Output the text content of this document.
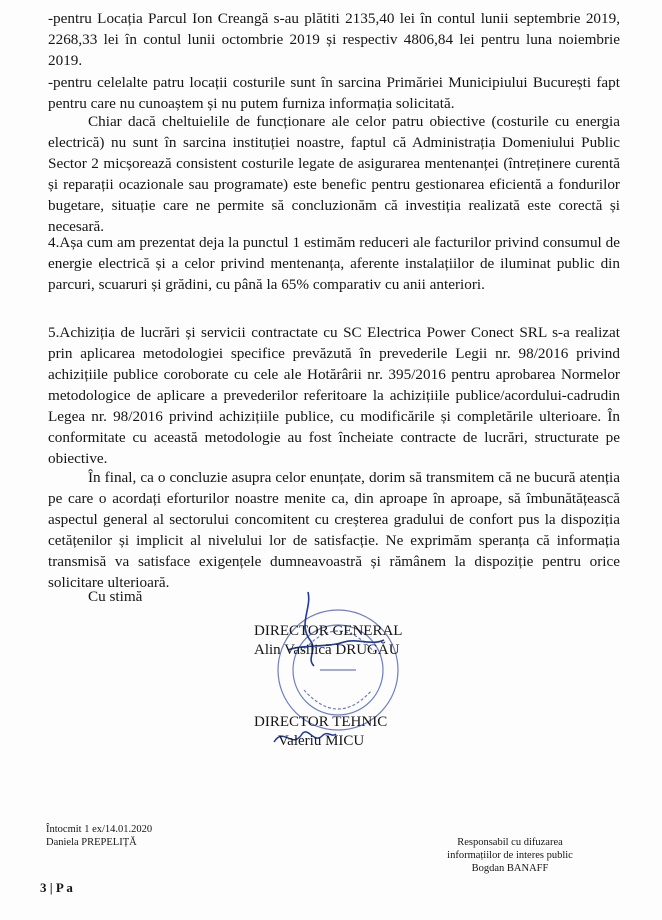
-pentru Locația Parcul Ion Creangă s-au plătiti 2135,40 lei în contul lunii septembrie 2019, 2268,33 lei în contul lunii octombrie 2019 și respectiv 4806,84 lei pentru luna noiembrie 2019.
-pentru celelalte patru locații costurile sunt în sarcina Primăriei Municipiului București fapt pentru care nu cunoaștem și nu putem furniza informația solicitată.
Chiar dacă cheltuielile de funcționare ale celor patru obiective (costurile cu energia electrică) nu sunt în sarcina instituției noastre, faptul că Administrația Domeniului Public Sector 2 micșorează consistent costurile legate de asigurarea mentenanței (întreținere curentă și reparații ocazionale sau programate) este benefic pentru gestionarea eficientă a fondurilor bugetare, situație care ne permite să concluzionăm că investiția realizată este corectă și necesară.
4.Așa cum am prezentat deja la punctul 1 estimăm reduceri ale facturilor privind consumul de energie electrică și a celor privind mentenanța, aferente instalațiilor de iluminat public din parcuri, scuaruri și grădini, cu până la 65% comparativ cu anii anteriori.
5.Achiziția de lucrări și servicii contractate cu SC Electrica Power Conect SRL s-a realizat prin aplicarea metodologiei specifice prevăzută în prevederile Legii nr. 98/2016 privind achizițiile publice coroborate cu cele ale Hotărârii nr. 395/2016 pentru aprobarea Normelor metodologice de aplicare a prevederilor referitoare la achizițiile publice/acordului-cadrudin Legea nr. 98/2016 privind achizițiile publice, cu modificările și completările ulterioare. În conformitate cu această metodologie au fost încheiate contracte de lucrări, structurate pe obiective.
În final, ca o concluzie asupra celor enunțate, dorim să transmitem că ne bucură atenția pe care o acordați eforturilor noastre menite ca, din aproape în aproape, să îmbunătățească aspectul general al sectorului concomitent cu creșterea gradului de confort pus la dispoziția cetățenilor și implicit al nivelului lor de satisfacție. Ne exprimăm speranța că informația transmisă va satisface exigențele dumneavoastră și rămânem la dispoziție pentru orice solicitare ulterioară.
Cu stimă
DIRECTOR GENERAL
Alin Vasilică DRUGĂU
DIRECTOR TEHNIC
Valeriu MICU
Întocmit 1 ex/14.01.2020
Daniela PREPELIȚĂ	Responsabil cu difuzarea
informațiilor de interes public
Bogdan BANAFF
3 | P a
